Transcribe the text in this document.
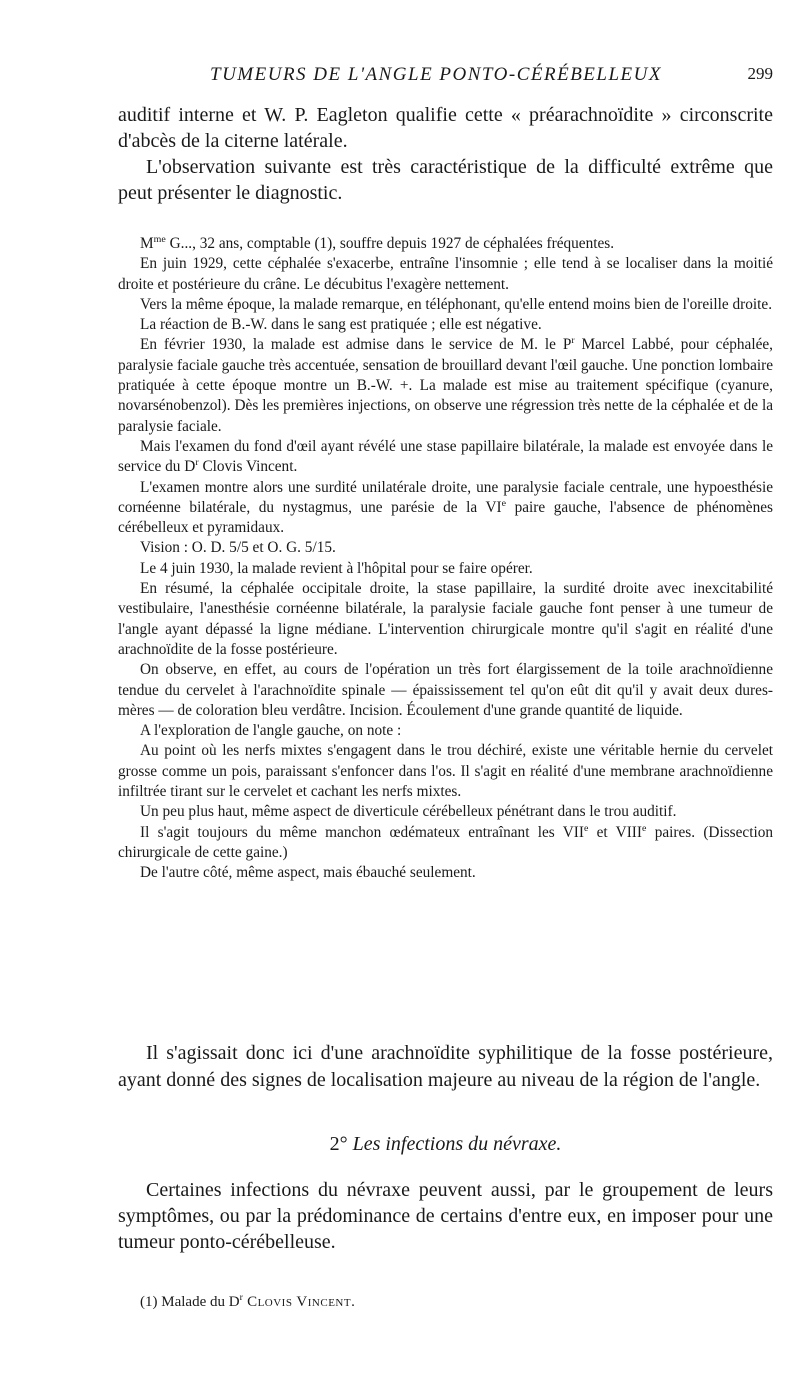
TUMEURS DE L'ANGLE PONTO-CÉRÉBELLEUX	299

auditif interne et W. P. Eagleton qualifie cette « préarachnoïdite » circonscrite d'abcès de la citerne latérale.

L'observation suivante est très caractéristique de la difficulté extrême que peut présenter le diagnostic.

$M^{me}$ G..., 32 ans, comptable (1), souffre depuis 1927 de céphalées fréquentes.

En juin 1929, cette céphalée s'exacerbe, entraîne l'insomnie ; elle tend à se localiser dans la moitié droite et postérieure du crâne. Le décubitus l'exagère nettement.

Vers la même époque, la malade remarque, en téléphonant, qu'elle entend moins bien de l'oreille droite.

La réaction de B.-W. dans le sang est pratiquée ; elle est négative.

En février 1930, la malade est admise dans le service de M. le $P^r$ Marcel Labbé, pour céphalée, paralysie faciale gauche très accentuée, sensation de brouillard devant l'œil gauche. Une ponction lombaire pratiquée à cette époque montre un B.-W. +. La malade est mise au traitement spécifique (cyanure, novarsénobenzol). Dès les premières injections, on observe une régression très nette de la céphalée et de la paralysie faciale.

Mais l'examen du fond d'œil ayant révélé une stase papillaire bilatérale, la malade est envoyée dans le service du $D^r$ Clovis Vincent.

L'examen montre alors une surdité unilatérale droite, une paralysie faciale centrale, une hypoesthésie cornéenne bilatérale, du nystagmus, une parésie de la VIe paire gauche, l'absence de phénomènes cérébelleux et pyramidaux.

Vision : O. D. 5/5 et O. G. 5/15.

Le 4 juin 1930, la malade revient à l'hôpital pour se faire opérer.

En résumé, la céphalée occipitale droite, la stase papillaire, la surdité droite avec inexcitabilité vestibulaire, l'anesthésie cornéenne bilatérale, la paralysie faciale gauche font penser à une tumeur de l'angle ayant dépassé la ligne médiane. L'intervention chirurgicale montre qu'il s'agit en réalité d'une arachnoïdite de la fosse postérieure.

On observe, en effet, au cours de l'opération un très fort élargissement de la toile arachnoïdienne tendue du cervelet à l'arachnoïdite spinale — épaississement tel qu'on eût dit qu'il y avait deux dures-mères — de coloration bleu verdâtre. Incision. Écoulement d'une grande quantité de liquide.

A l'exploration de l'angle gauche, on note :

Au point où les nerfs mixtes s'engagent dans le trou déchiré, existe une véritable hernie du cervelet grosse comme un pois, paraissant s'enfoncer dans l'os. Il s'agit en réalité d'une membrane arachnoïdienne infiltrée tirant sur le cervelet et cachant les nerfs mixtes.

Un peu plus haut, même aspect de diverticule cérébelleux pénétrant dans le trou auditif.

Il s'agit toujours du même manchon œdémateux entraînant les VIIe et VIIIe paires. (Dissection chirurgicale de cette gaine.)

De l'autre côté, même aspect, mais ébauché seulement.

Il s'agissait donc ici d'une arachnoïdite syphilitique de la fosse postérieure, ayant donné des signes de localisation majeure au niveau de la région de l'angle.

2° Les infections du névraxe.

Certaines infections du névraxe peuvent aussi, par le groupement de leurs symptômes, ou par la prédominance de certains d'entre eux, en imposer pour une tumeur ponto-cérébelleuse.

(1) Malade du $D^r$ Clovis Vincent.
